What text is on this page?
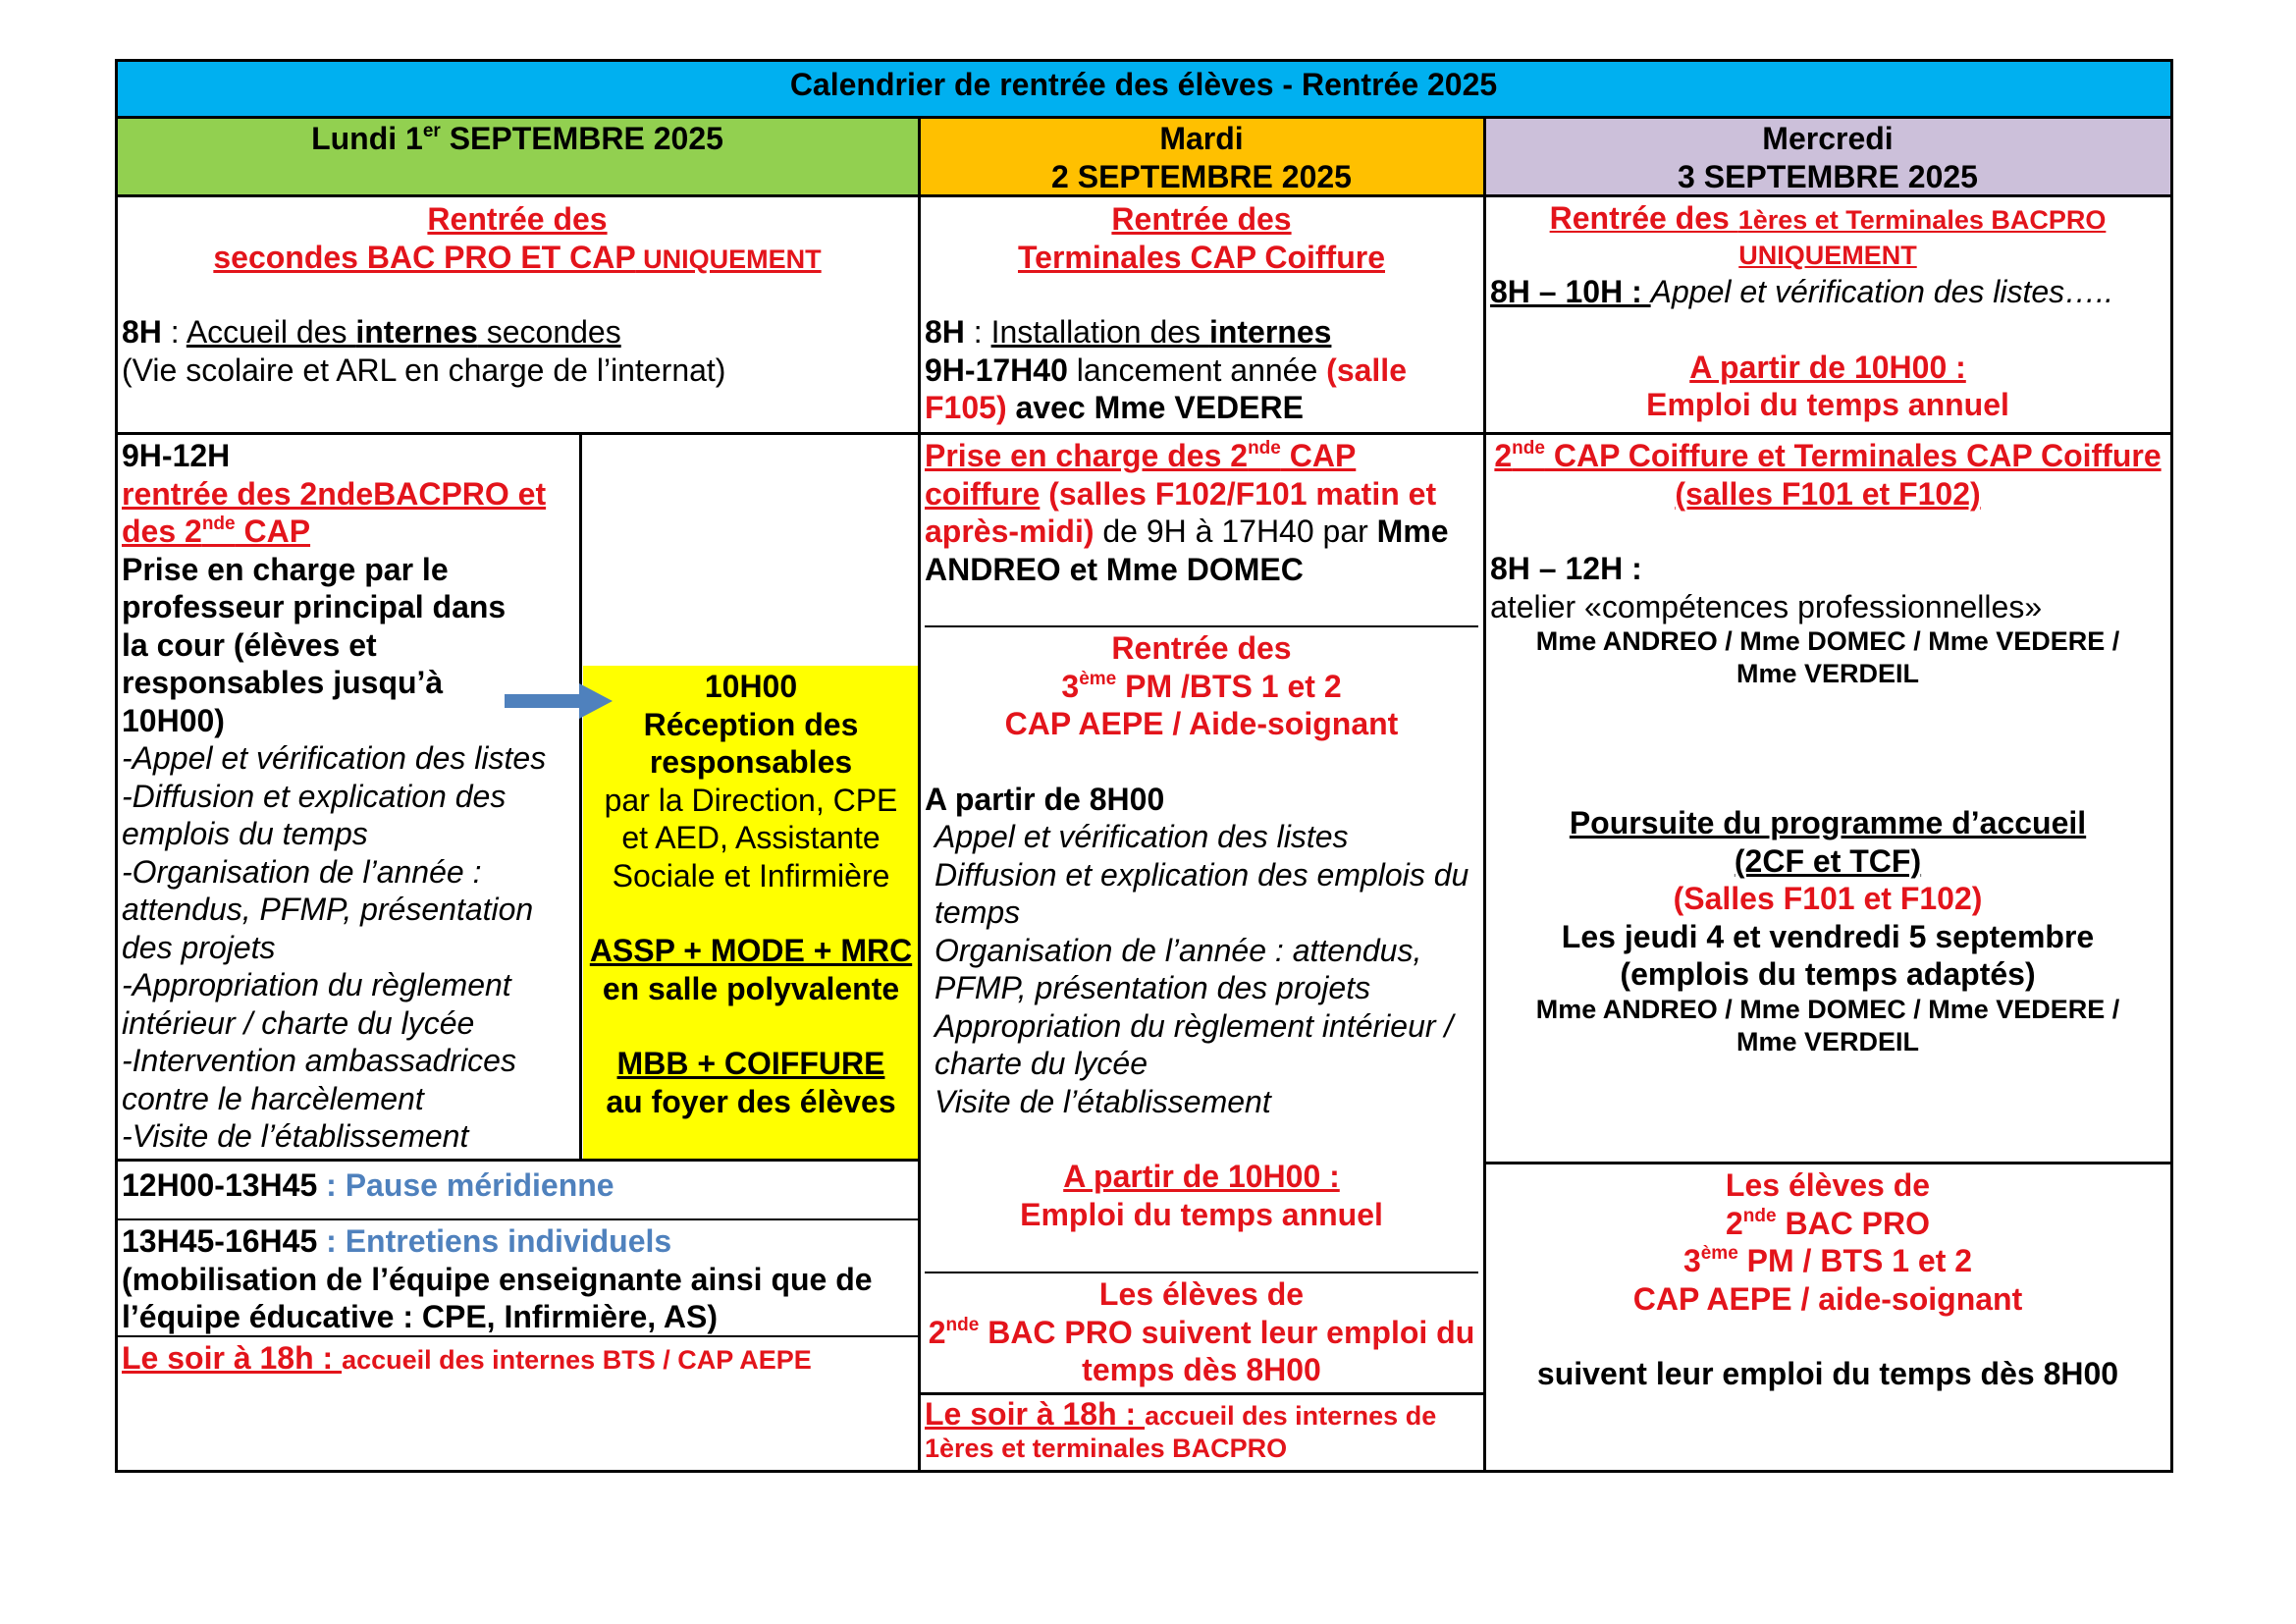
Calendrier de rentrée des élèves - Rentrée 2025
Lundi 1er SEPTEMBRE 2025	Mardi
2 SEPTEMBRE 2025
Mercredi
3 SEPTEMBRE 2025
Rentrée des
secondes BAC PRO ET CAP UNIQUEMENT
8H : Accueil des internes secondes
(Vie scolaire et ARL en charge de l’internat)
9H-12H
rentrée des 2ndeBACPRO et des 2nde CAP
Prise en charge par le professeur principal dans la cour (élèves et responsables jusqu’à 10H00)
-Appel et vérification des listes
-Diffusion et explication des emplois du temps
-Organisation de l’année : attendus, PFMP, présentation des projets
-Appropriation du règlement intérieur / charte du lycée
-Intervention ambassadrices contre le harcèlement
-Visite de l’établissement
10H00
Réception des responsables
par la Direction, CPE et AED, Assistante Sociale et Infirmière
ASSP + MODE + MRC
en salle polyvalente
MBB + COIFFURE
au foyer des élèves
12H00-13H45 : Pause méridienne
13H45-16H45 : Entretiens individuels
(mobilisation de l’équipe enseignante ainsi que de l’équipe éducative : CPE, Infirmière, AS)
Le soir à 18h : accueil des internes BTS / CAP AEPE
Rentrée des
Terminales CAP Coiffure
8H : Installation des internes
9H-17H40 lancement année (salle F105) avec Mme VEDERE
Prise en charge des 2nde CAP coiffure (salles F102/F101 matin et après-midi) de 9H à 17H40 par Mme ANDREO et Mme DOMEC
Rentrée des
3ème PM /BTS 1 et 2
CAP AEPE / Aide-soignant
A partir de 8H00
Appel et vérification des listes
Diffusion et explication des emplois du temps
Organisation de l’année : attendus, PFMP, présentation des projets
Appropriation du règlement intérieur / charte du lycée
Visite de l’établissement
A partir de 10H00 :
Emploi du temps annuel
Les élèves de
2nde BAC PRO suivent leur emploi du temps dès 8H00
Le soir à 18h : accueil des internes de 1ères et terminales BACPRO
Rentrée des 1ères et Terminales BACPRO
UNIQUEMENT
8H – 10H : Appel et vérification des listes…..
A partir de 10H00 :
Emploi du temps annuel
2nde CAP Coiffure et Terminales CAP Coiffure (salles F101 et F102)
8H – 12H :
atelier «compétences professionnelles»
Mme ANDREO / Mme DOMEC / Mme VEDERE / Mme VERDEIL
Poursuite du programme d’accueil
(2CF et TCF)
(Salles F101 et F102)
Les jeudi 4 et vendredi 5 septembre (emplois du temps adaptés)
Mme ANDREO / Mme DOMEC / Mme VEDERE / Mme VERDEIL
Les élèves de
2nde BAC PRO
3ème PM / BTS 1 et 2
CAP AEPE / aide-soignant
suivent leur emploi du temps dès 8H00
